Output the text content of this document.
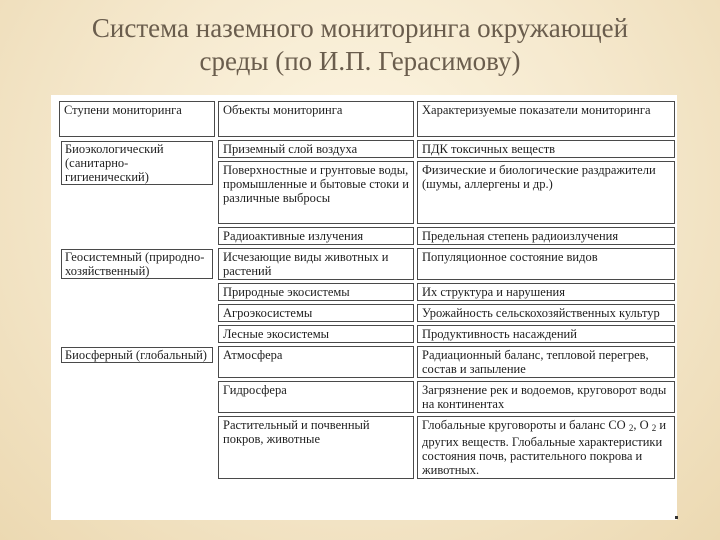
Система наземного мониторинга окружающей
среды (по И.П. Герасимову)
Ступени мониторинга	Объекты мониторинга	Характеризуемые показатели мониторинга

Биоэкологический (санитарно-гигиенический)	Приземный слой воздуха	ПДК токсичных веществ
	Поверхностные и грунтовые воды, промышленные и бытовые стоки и различные выбросы	Физические и биологические раздражители (шумы, аллергены и др.)
	Радиоактивные излучения	Предельная степень радиоизлучения

Геосистемный (природно-хозяйственный)	Исчезающие виды животных и растений	Популяционное состояние видов
	Природные экосистемы	Их структура и нарушения
	Агроэкосистемы	Урожайность сельскохозяйственных культур
	Лесные экосистемы	Продуктивность насаждений

Биосферный (глобальный)	Атмосфера	Радиационный баланс, тепловой перегрев, состав и запыление
	Гидросфера	Загрязнение рек и водоемов, круговорот воды на континентах
	Растительный и почвенный покров, животные	Глобальные круговороты и баланс CO $_2$, O $_2$ и других веществ. Глобальные характеристики состояния почв, растительного покрова и животных.
